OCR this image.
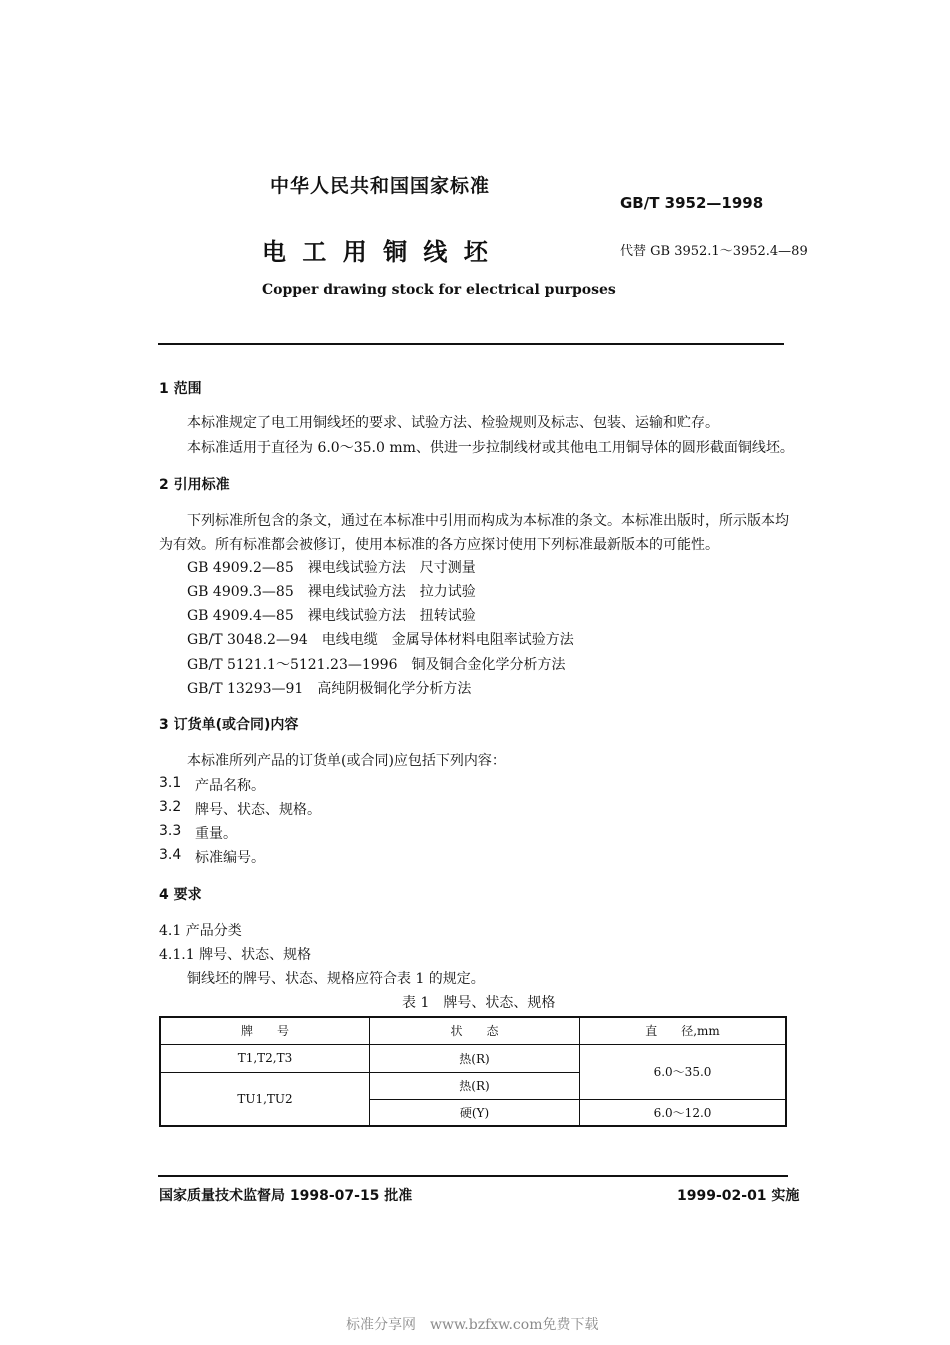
中华人民共和国国家标准
GB/T 3952—1998
电 工 用 铜 线 坯	代替 GB 3952.1～3952.4—89
Copper drawing stock for electrical purposes
1 范围
本标准规定了电工用铜线坯的要求、试验方法、检验规则及标志、包装、运输和贮存。
本标准适用于直径为 6.0～35.0 mm、供进一步拉制线材或其他电工用铜导体的圆形截面铜线坯。
2 引用标准
下列标准所包含的条文，通过在本标准中引用而构成为本标准的条文。本标准出版时，所示版本均
为有效。所有标准都会被修订，使用本标准的各方应探讨使用下列标准最新版本的可能性。
GB 4909.2—85　裸电线试验方法　尺寸测量
GB 4909.3—85　裸电线试验方法　拉力试验
GB 4909.4—85　裸电线试验方法　扭转试验
GB/T 3048.2—94　电线电缆　金属导体材料电阻率试验方法
GB/T 5121.1～5121.23—1996　铜及铜合金化学分析方法
GB/T 13293—91　高纯阴极铜化学分析方法
3 订货单(或合同)内容
本标准所列产品的订货单(或合同)应包括下列内容：
3.1 产品名称。
3.2 牌号、状态、规格。
3.3 重量。
3.4 标准编号。
4 要求
4.1 产品分类
4.1.1 牌号、状态、规格
铜线坯的牌号、状态、规格应符合表 1 的规定。
表 1　牌号、状态、规格
牌　　号	状　　态	直　　径,mm
T1,T2,T3	热(R)	6.0～35.0
TU1,TU2	热(R)	
	硬(Y)	6.0～12.0
国家质量技术监督局 1998-07-15 批准	1999-02-01 实施
标准分享网　www.bzfxw.com免费下载
